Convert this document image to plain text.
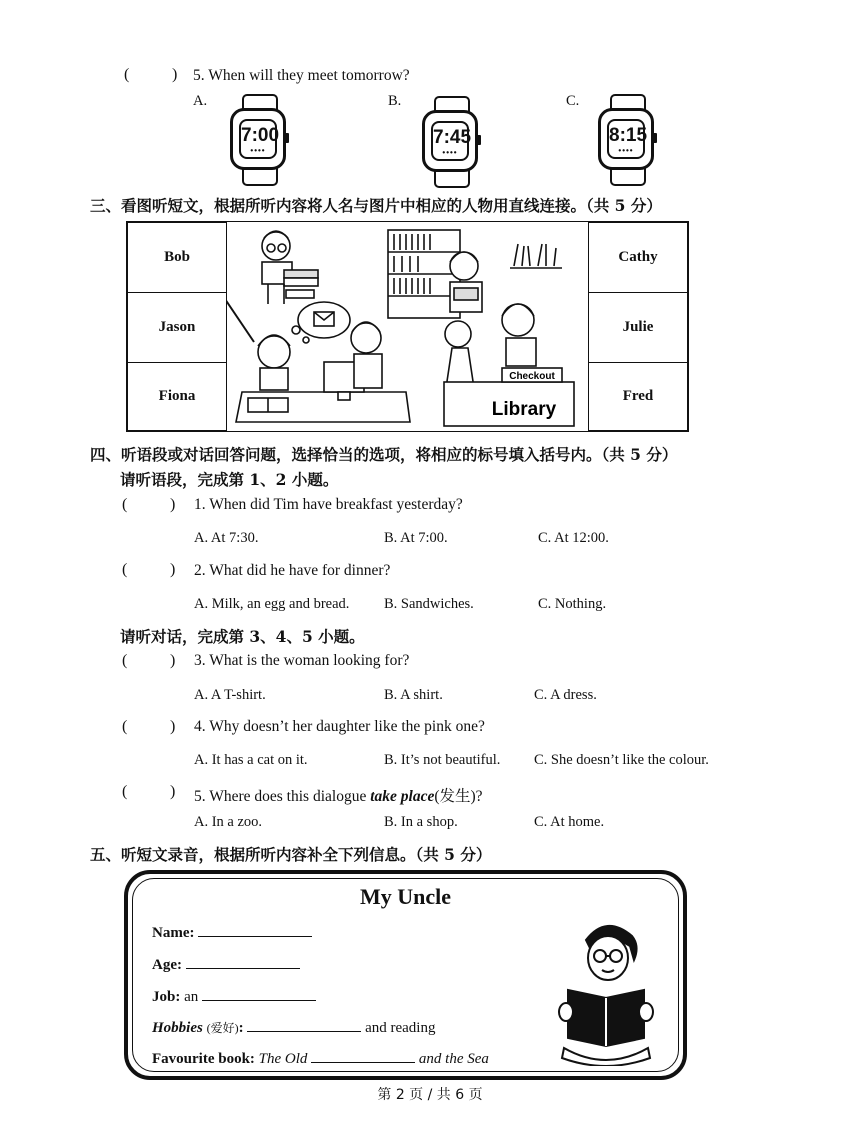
(	) 5. When will they meet tomorrow?
A.	B.	C.
7:00
••••
7:45
••••
8:15
••••
三、看图听短文，根据所听内容将人名与图片中相应的人物用直线连接。（共 5 分）
Bob
Jason
Fiona
Cathy
Julie
Fred
Checkout
Library
四、听语段或对话回答问题，选择恰当的选项，将相应的标号填入括号内。（共 5 分）
请听语段，完成第 1、2 小题。
(	) 1. When did Tim have breakfast yesterday?
A. At 7:30.	B. At 7:00.	C. At 12:00.
(	) 2. What did he have for dinner?
A. Milk, an egg and bread. B. Sandwiches.	C. Nothing.
请听对话，完成第 3、4、5 小题。
(	) 3. What is the woman looking for?
A. A T-shirt.	B. A shirt.	C. A dress.
(	) 4. Why doesn’t her daughter like the pink one?
A. It has a cat on it.	B. It’s not beautiful. C. She doesn’t like the colour.
(	) 5. Where does this dialogue take place(发生)?
A. In a zoo.	B. In a shop.	C. At home.
五、听短文录音，根据所听内容补全下列信息。（共 5 分）
My Uncle
Name:
Age:
Job: an
Hobbies (爱好):	and reading
Favourite book: The Old	and the Sea
第 2 页 / 共 6 页
